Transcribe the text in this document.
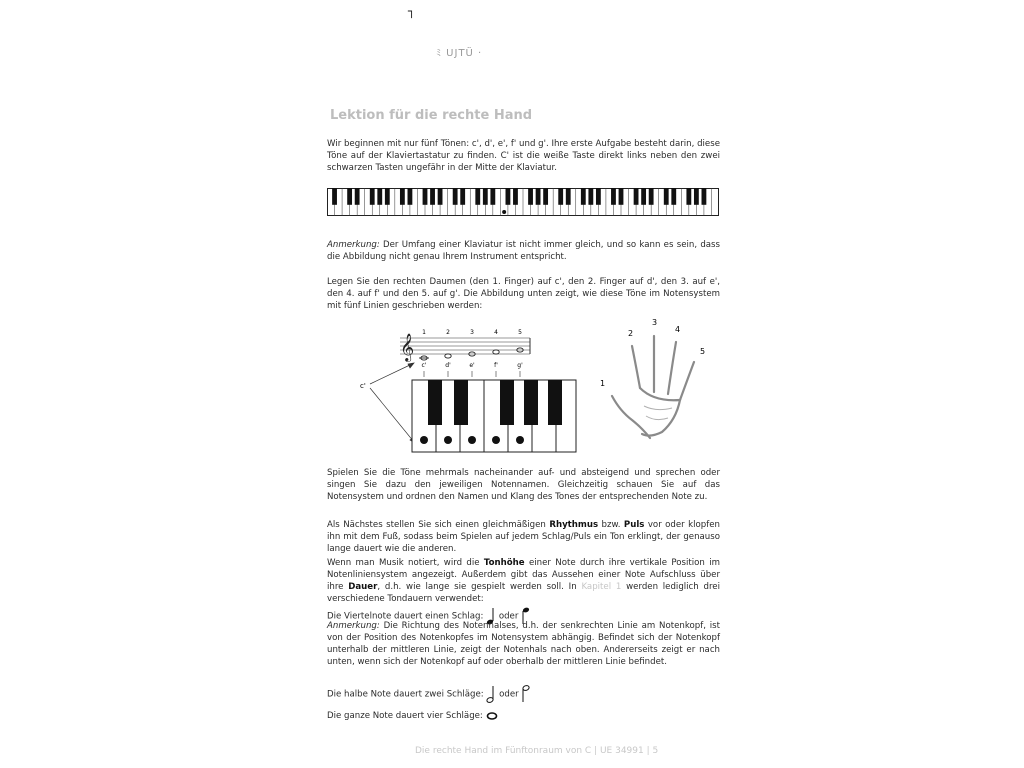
┐
ﾐ UJTÜ ·
Lektion für die rechte Hand

Wir beginnen mit nur fünf Tönen: c', d', e', f' und g'. Ihre erste Aufgabe besteht darin, diese Töne auf der Klaviertastatur zu finden. C' ist die weiße Taste direkt links neben den zwei schwarzen Tasten ungefähr in der Mitte der Klaviatur.

Anmerkung: Der Umfang einer Klaviatur ist nicht immer gleich, und so kann es sein, dass die Abbildung nicht genau Ihrem Instrument entspricht.

Legen Sie den rechten Daumen (den 1. Finger) auf c', den 2. Finger auf d', den 3. auf e', den 4. auf f' und den 5. auf g'. Die Abbildung unten zeigt, wie diese Töne im Notensystem mit fünf Linien geschrieben werden:

1	2	3	4	5
𝄞
c'	d'	e'	f'	g'
c'	1
2
3
4
5

Spielen Sie die Töne mehrmals nacheinander auf- und absteigend und sprechen oder singen Sie dazu den jeweiligen Notennamen. Gleichzeitig schauen Sie auf das Notensystem und ordnen den Namen und Klang des Tones der entsprechenden Note zu.

Als Nächstes stellen Sie sich einen gleichmäßigen Rhythmus bzw. Puls vor oder klopfen ihn mit dem Fuß, sodass beim Spielen auf jedem Schlag/Puls ein Ton erklingt, der genauso lange dauert wie die anderen.

Wenn man Musik notiert, wird die Tonhöhe einer Note durch ihre vertikale Position im Notenliniensystem angezeigt. Außerdem gibt das Aussehen einer Note Aufschluss über ihre Dauer, d.h. wie lange sie gespielt werden soll. In Kapitel 1 werden lediglich drei verschiedene Tondauern verwendet:

Die Viertelnote dauert einen Schlag: oder

Anmerkung: Die Richtung des Notenhalses, d.h. der senkrechten Linie am Notenkopf, ist von der Position des Notenkopfes im Notensystem abhängig. Befindet sich der Notenkopf unterhalb der mittleren Linie, zeigt der Notenhals nach oben. Andererseits zeigt er nach unten, wenn sich der Notenkopf auf oder oberhalb der mittleren Linie befindet.

Die halbe Note dauert zwei Schläge: oder

Die ganze Note dauert vier Schläge:

Die rechte Hand im Fünftonraum von C | UE 34991 | 5
